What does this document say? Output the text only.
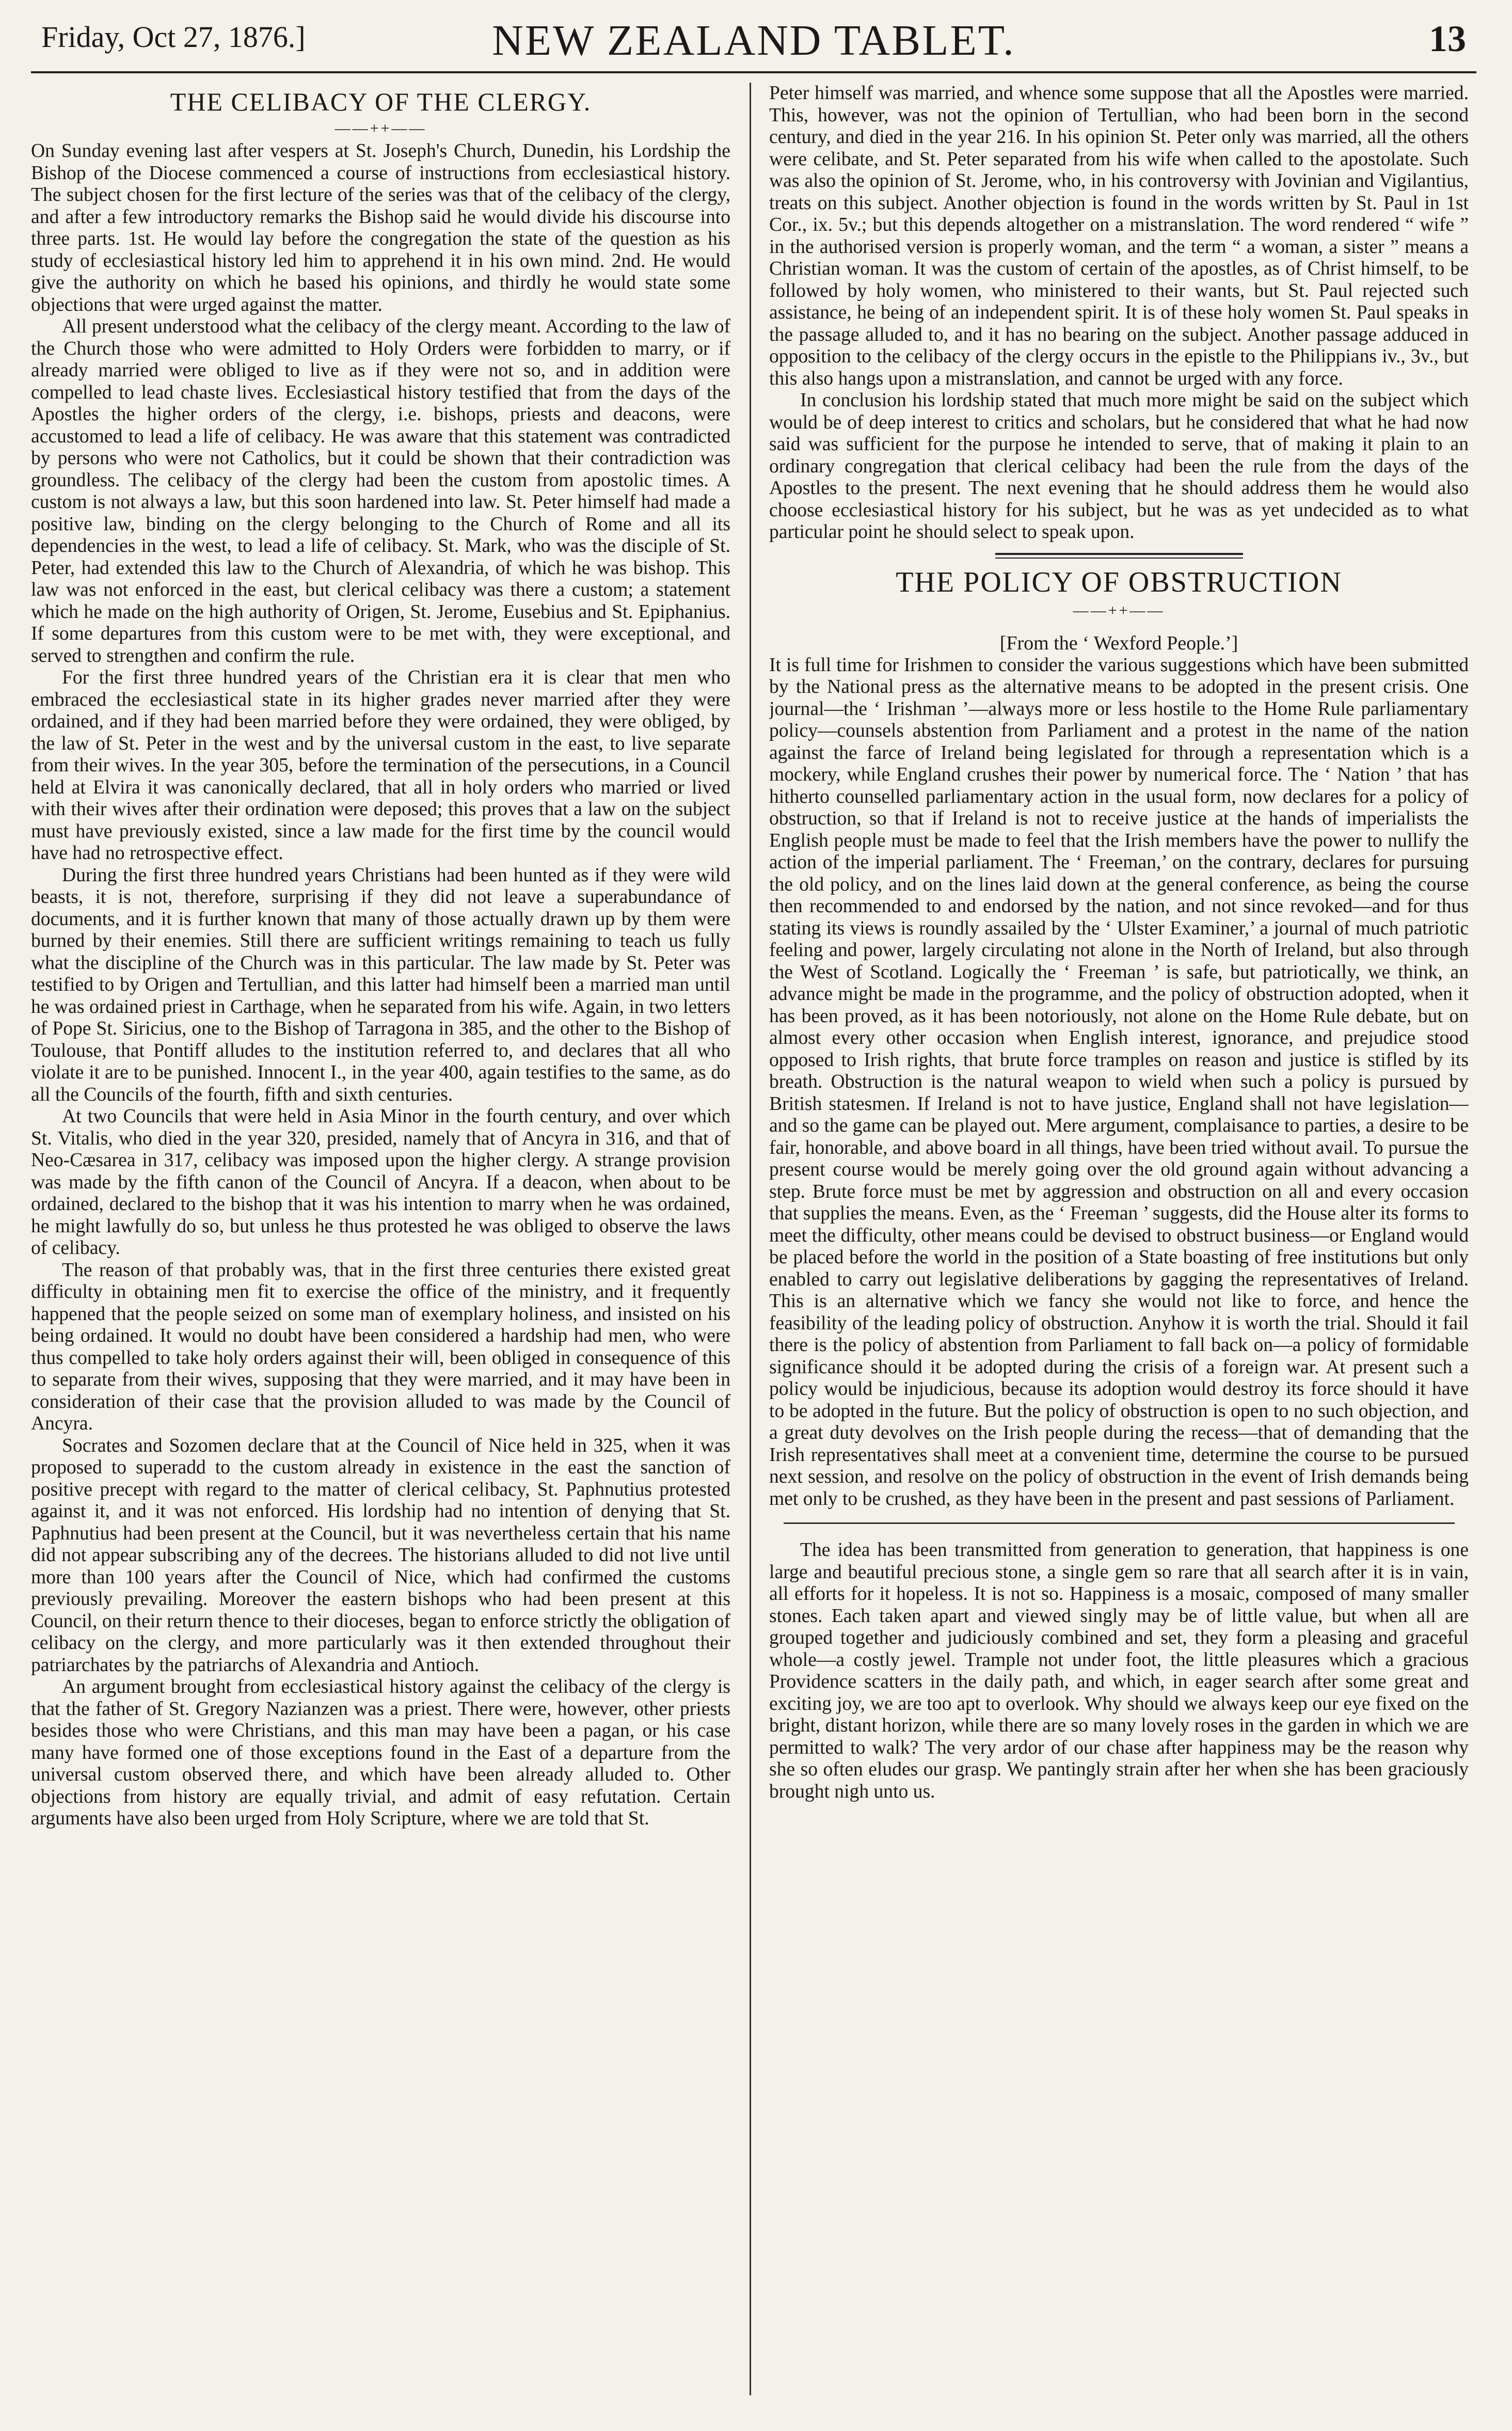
Friday, Oct 27, 1876.]	NEW ZEALAND TABLET.	13
THE CELIBACY OF THE CLERGY.
——++——

On Sunday evening last after vespers at St. Joseph's Church, Dunedin, his Lordship the Bishop of the Diocese commenced a course of instructions from ecclesiastical history. The subject chosen for the first lecture of the series was that of the celibacy of the clergy, and after a few introductory remarks the Bishop said he would divide his discourse into three parts. 1st. He would lay before the congregation the state of the question as his study of ecclesiastical history led him to apprehend it in his own mind. 2nd. He would give the authority on which he based his opinions, and thirdly he would state some objections that were urged against the matter.

All present understood what the celibacy of the clergy meant. According to the law of the Church those who were admitted to Holy Orders were forbidden to marry, or if already married were obliged to live as if they were not so, and in addition were compelled to lead chaste lives. Ecclesiastical history testified that from the days of the Apostles the higher orders of the clergy, i.e. bishops, priests and deacons, were accustomed to lead a life of celibacy. He was aware that this statement was contradicted by persons who were not Catholics, but it could be shown that their contradiction was groundless. The celibacy of the clergy had been the custom from apostolic times. A custom is not always a law, but this soon hardened into law. St. Peter himself had made a positive law, binding on the clergy belonging to the Church of Rome and all its dependencies in the west, to lead a life of celibacy. St. Mark, who was the disciple of St. Peter, had extended this law to the Church of Alexandria, of which he was bishop. This law was not enforced in the east, but clerical celibacy was there a custom; a statement which he made on the high authority of Origen, St. Jerome, Eusebius and St. Epiphanius. If some departures from this custom were to be met with, they were exceptional, and served to strengthen and confirm the rule.

For the first three hundred years of the Christian era it is clear that men who embraced the ecclesiastical state in its higher grades never married after they were ordained, and if they had been married before they were ordained, they were obliged, by the law of St. Peter in the west and by the universal custom in the east, to live separate from their wives. In the year 305, before the termination of the persecutions, in a Council held at Elvira it was canonically declared, that all in holy orders who married or lived with their wives after their ordination were deposed; this proves that a law on the subject must have previously existed, since a law made for the first time by the council would have had no retrospective effect.

During the first three hundred years Christians had been hunted as if they were wild beasts, it is not, therefore, surprising if they did not leave a superabundance of documents, and it is further known that many of those actually drawn up by them were burned by their enemies. Still there are sufficient writings remaining to teach us fully what the discipline of the Church was in this particular. The law made by St. Peter was testified to by Origen and Tertullian, and this latter had himself been a married man until he was ordained priest in Carthage, when he separated from his wife. Again, in two letters of Pope St. Siricius, one to the Bishop of Tarragona in 385, and the other to the Bishop of Toulouse, that Pontiff alludes to the institution referred to, and declares that all who violate it are to be punished. Innocent I., in the year 400, again testifies to the same, as do all the Councils of the fourth, fifth and sixth centuries.

At two Councils that were held in Asia Minor in the fourth century, and over which St. Vitalis, who died in the year 320, presided, namely that of Ancyra in 316, and that of Neo-Cæsarea in 317, celibacy was imposed upon the higher clergy. A strange provision was made by the fifth canon of the Council of Ancyra. If a deacon, when about to be ordained, declared to the bishop that it was his intention to marry when he was ordained, he might lawfully do so, but unless he thus protested he was obliged to observe the laws of celibacy.

The reason of that probably was, that in the first three centuries there existed great difficulty in obtaining men fit to exercise the office of the ministry, and it frequently happened that the people seized on some man of exemplary holiness, and insisted on his being ordained. It would no doubt have been considered a hardship had men, who were thus compelled to take holy orders against their will, been obliged in consequence of this to separate from their wives, supposing that they were married, and it may have been in consideration of their case that the provision alluded to was made by the Council of Ancyra.

Socrates and Sozomen declare that at the Council of Nice held in 325, when it was proposed to superadd to the custom already in existence in the east the sanction of positive precept with regard to the matter of clerical celibacy, St. Paphnutius protested against it, and it was not enforced. His lordship had no intention of denying that St. Paphnutius had been present at the Council, but it was nevertheless certain that his name did not appear subscribing any of the decrees. The historians alluded to did not live until more than 100 years after the Council of Nice, which had confirmed the customs previously prevailing. Moreover the eastern bishops who had been present at this Council, on their return thence to their dioceses, began to enforce strictly the obligation of celibacy on the clergy, and more particularly was it then extended throughout their patriarchates by the patriarchs of Alexandria and Antioch.

An argument brought from ecclesiastical history against the celibacy of the clergy is that the father of St. Gregory Nazianzen was a priest. There were, however, other priests besides those who were Christians, and this man may have been a pagan, or his case many have formed one of those exceptions found in the East of a departure from the universal custom observed there, and which have been already alluded to. Other objections from history are equally trivial, and admit of easy refutation. Certain arguments have also been urged from Holy Scripture, where we are told that St.

Peter himself was married, and whence some suppose that all the Apostles were married. This, however, was not the opinion of Tertullian, who had been born in the second century, and died in the year 216. In his opinion St. Peter only was married, all the others were celibate, and St. Peter separated from his wife when called to the apostolate. Such was also the opinion of St. Jerome, who, in his controversy with Jovinian and Vigilantius, treats on this subject. Another objection is found in the words written by St. Paul in 1st Cor., ix. 5v.; but this depends altogether on a mistranslation. The word rendered “ wife ” in the authorised version is properly woman, and the term “ a woman, a sister ” means a Christian woman. It was the custom of certain of the apostles, as of Christ himself, to be followed by holy women, who ministered to their wants, but St. Paul rejected such assistance, he being of an independent spirit. It is of these holy women St. Paul speaks in the passage alluded to, and it has no bearing on the subject. Another passage adduced in opposition to the celibacy of the clergy occurs in the epistle to the Philippians iv., 3v., but this also hangs upon a mistranslation, and cannot be urged with any force.

In conclusion his lordship stated that much more might be said on the subject which would be of deep interest to critics and scholars, but he considered that what he had now said was sufficient for the purpose he intended to serve, that of making it plain to an ordinary congregation that clerical celibacy had been the rule from the days of the Apostles to the present. The next evening that he should address them he would also choose ecclesiastical history for his subject, but he was as yet undecided as to what particular point he should select to speak upon.

THE POLICY OF OBSTRUCTION
——++——
[From the ‘ Wexford People.’]

It is full time for Irishmen to consider the various suggestions which have been submitted by the National press as the alternative means to be adopted in the present crisis. One journal—the ‘ Irishman ’—always more or less hostile to the Home Rule parliamentary policy—counsels abstention from Parliament and a protest in the name of the nation against the farce of Ireland being legislated for through a representation which is a mockery, while England crushes their power by numerical force. The ‘ Nation ’ that has hitherto counselled parliamentary action in the usual form, now declares for a policy of obstruction, so that if Ireland is not to receive justice at the hands of imperialists the English people must be made to feel that the Irish members have the power to nullify the action of the imperial parliament. The ‘ Freeman,’ on the contrary, declares for pursuing the old policy, and on the lines laid down at the general conference, as being the course then recommended to and endorsed by the nation, and not since revoked—and for thus stating its views is roundly assailed by the ‘ Ulster Examiner,’ a journal of much patriotic feeling and power, largely circulating not alone in the North of Ireland, but also through the West of Scotland. Logically the ‘ Freeman ’ is safe, but patriotically, we think, an advance might be made in the programme, and the policy of obstruction adopted, when it has been proved, as it has been notoriously, not alone on the Home Rule debate, but on almost every other occasion when English interest, ignorance, and prejudice stood opposed to Irish rights, that brute force tramples on reason and justice is stifled by its breath. Obstruction is the natural weapon to wield when such a policy is pursued by British statesmen. If Ireland is not to have justice, England shall not have legislation—and so the game can be played out. Mere argument, complaisance to parties, a desire to be fair, honorable, and above board in all things, have been tried without avail. To pursue the present course would be merely going over the old ground again without advancing a step. Brute force must be met by aggression and obstruction on all and every occasion that supplies the means. Even, as the ‘ Freeman ’ suggests, did the House alter its forms to meet the difficulty, other means could be devised to obstruct business—or England would be placed before the world in the position of a State boasting of free institutions but only enabled to carry out legislative deliberations by gagging the representatives of Ireland. This is an alternative which we fancy she would not like to force, and hence the feasibility of the leading policy of obstruction. Anyhow it is worth the trial. Should it fail there is the policy of abstention from Parliament to fall back on—a policy of formidable significance should it be adopted during the crisis of a foreign war. At present such a policy would be injudicious, because its adoption would destroy its force should it have to be adopted in the future. But the policy of obstruction is open to no such objection, and a great duty devolves on the Irish people during the recess—that of demanding that the Irish representatives shall meet at a convenient time, determine the course to be pursued next session, and resolve on the policy of obstruction in the event of Irish demands being met only to be crushed, as they have been in the present and past sessions of Parliament.

The idea has been transmitted from generation to generation, that happiness is one large and beautiful precious stone, a single gem so rare that all search after it is in vain, all efforts for it hopeless. It is not so. Happiness is a mosaic, composed of many smaller stones. Each taken apart and viewed singly may be of little value, but when all are grouped together and judiciously combined and set, they form a pleasing and graceful whole—a costly jewel. Trample not under foot, the little pleasures which a gracious Providence scatters in the daily path, and which, in eager search after some great and exciting joy, we are too apt to overlook. Why should we always keep our eye fixed on the bright, distant horizon, while there are so many lovely roses in the garden in which we are permitted to walk? The very ardor of our chase after happiness may be the reason why she so often eludes our grasp. We pantingly strain after her when she has been graciously brought nigh unto us.
